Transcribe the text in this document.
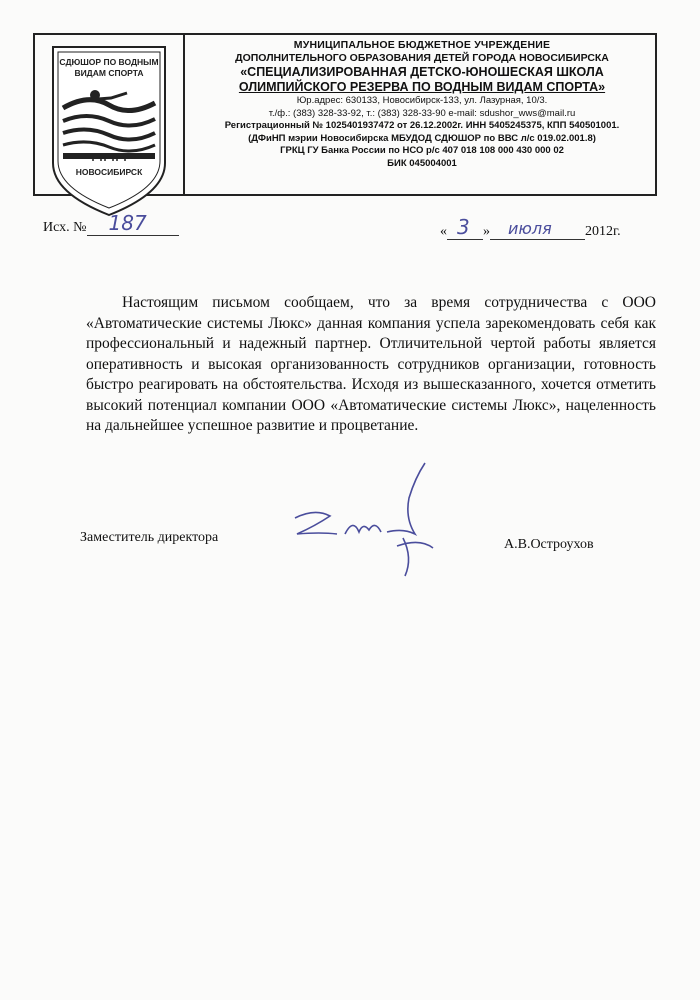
СДЮШОР ПО ВОДНЫМ
ВИДАМ СПОРТА
НОВОСИБИРСК
МУНИЦИПАЛЬНОЕ БЮДЖЕТНОЕ УЧРЕЖДЕНИЕ
ДОПОЛНИТЕЛЬНОГО ОБРАЗОВАНИЯ ДЕТЕЙ ГОРОДА НОВОСИБИРСКА
«СПЕЦИАЛИЗИРОВАННАЯ ДЕТСКО-ЮНОШЕСКАЯ ШКОЛА
ОЛИМПИЙСКОГО РЕЗЕРВА ПО ВОДНЫМ ВИДАМ СПОРТА»
Юр.адрес: 630133, Новосибирск-133, ул. Лазурная, 10/3.
т./ф.: (383) 328-33-92, т.: (383) 328-33-90 e-mail: sdushor_wws@mail.ru
Регистрационный № 1025401937472 от 26.12.2002г. ИНН 5405245375, КПП 540501001.
(ДФиНП мэрии Новосибирска МБУДОД СДЮШОР по ВВС л/с 019.02.001.8)
ГРКЦ ГУ Банка России по НСО р/с 407 018 108 000 430 000 02
БИК 045004001
Исх. № 187	« 3 » июля 2012г.
Настоящим письмом сообщаем, что за время сотрудничества с ООО «Автоматические системы Люкс» данная компания успела зарекомендовать себя как профессиональный и надежный партнер. Отличительной чертой работы является оперативность и высокая организованность сотрудников организации, готовность быстро реагировать на обстоятельства. Исходя из вышесказанного, хочется отметить высокий потенциал компании ООО «Автоматические системы Люкс», нацеленность на дальнейшее успешное развитие и процветание.
Заместитель директора	А.В.Остроухов
